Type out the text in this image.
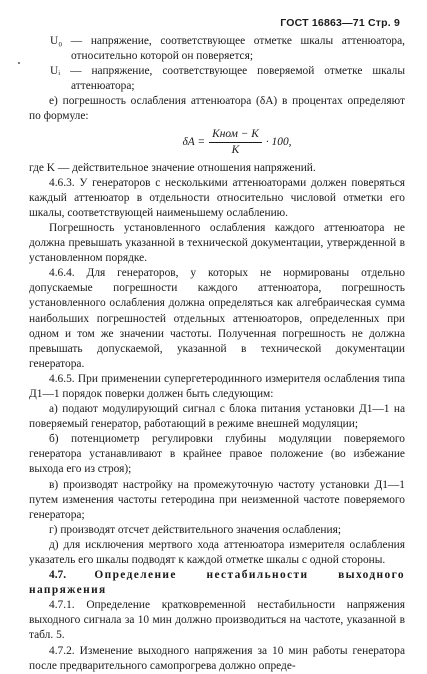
ГОСТ 16863—71 Стр. 9

U₀ — напряжение, соответствующее отметке шкалы аттенюатора, относительно которой он поверяется;

Uᵢ — напряжение, соответствующее поверяемой отметке шкалы аттенюатора;

е) погрешность ослабления аттенюатора (δA) в процентах определяют по формуле:

$\delta A = \frac{\text{Kном − K}}{K} \cdot 100$,

где K — действительное значение отношения напряжений.

4.6.3. У генераторов с несколькими аттенюаторами должен поверяться каждый аттенюатор в отдельности относительно числовой отметки его шкалы, соответствующей наименьшему ослаблению.

Погрешность установленного ослабления каждого аттенюатора не должна превышать указанной в технической документации, утвержденной в установленном порядке.

4.6.4. Для генераторов, у которых не нормированы отдельно допускаемые погрешности каждого аттенюатора, погрешность установленного ослабления должна определяться как алгебраическая сумма наибольших погрешностей отдельных аттенюаторов, определенных при одном и том же значении частоты. Полученная погрешность не должна превышать допускаемой, указанной в технической документации генератора.

4.6.5. При применении супергетеродинного измерителя ослабления типа Д1—1 порядок поверки должен быть следующим:

а) подают модулирующий сигнал с блока питания установки Д1—1 на поверяемый генератор, работающий в режиме внешней модуляции;

б) потенциометр регулировки глубины модуляции поверяемого генератора устанавливают в крайнее правое положение (во избежание выхода его из строя);

в) производят настройку на промежуточную частоту установки Д1—1 путем изменения частоты гетеродина при неизменной частоте поверяемого генератора;

г) производят отсчет действительного значения ослабления;

д) для исключения мертвого хода аттенюатора измерителя ослабления указатель его шкалы подводят к каждой отметке шкалы с одной стороны.

4.7. Определение нестабильности выходного напряжения

4.7.1. Определение кратковременной нестабильности напряжения выходного сигнала за 10 мин должно производиться на частоте, указанной в табл. 5.

4.7.2. Изменение выходного напряжения за 10 мин работы генератора после предварительного самопрогрева должно опреде-
